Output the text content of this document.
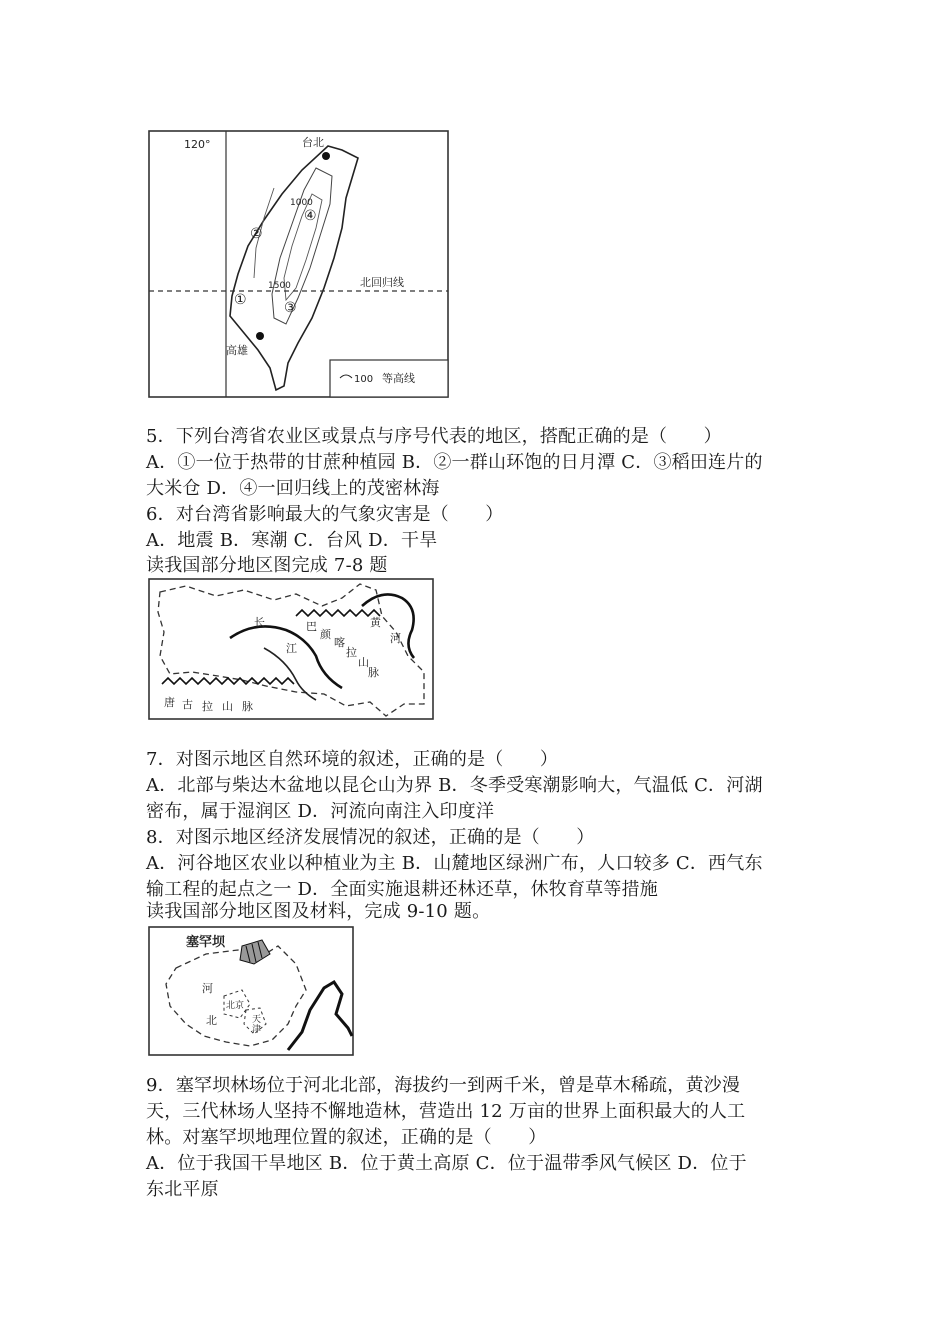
120°
北回归线
台北
高雄
1000
1500
①
②
③
④
100 等高线
长	巴
颜
喀
拉
山
脉
黄
河
唐 古 拉 山 脉
江
塞罕坝
河
北
北京
天
津
5．下列台湾省农业区或景点与序号代表的地区，搭配正确的是（　　）
A．①一位于热带的甘蔗种植园 B．②一群山环饱的日月潭 C．③稻田连片的
大米仓 D．④一回归线上的茂密林海
6．对台湾省影响最大的气象灾害是（　　）
A．地震 B．寒潮 C．台风 D．干旱
读我国部分地区图完成 7-8 题
7．对图示地区自然环境的叙述，正确的是（　　）
A．北部与柴达木盆地以昆仑山为界 B．冬季受寒潮影响大，气温低 C．河湖
密布，属于湿润区 D．河流向南注入印度洋
8．对图示地区经济发展情况的叙述，正确的是（　　）
A．河谷地区农业以种植业为主 B．山麓地区绿洲广布，人口较多 C．西气东
输工程的起点之一 D．全面实施退耕还林还草，休牧育草等措施
读我国部分地区图及材料，完成 9-10 题。
9．塞罕坝林场位于河北北部，海拔约一到两千米，曾是草木稀疏，黄沙漫
天，三代林场人坚持不懈地造林，营造出 12 万亩的世界上面积最大的人工
林。对塞罕坝地理位置的叙述，正确的是（　　）
A．位于我国干旱地区 B．位于黄土高原 C．位于温带季风气候区 D．位于
东北平原
